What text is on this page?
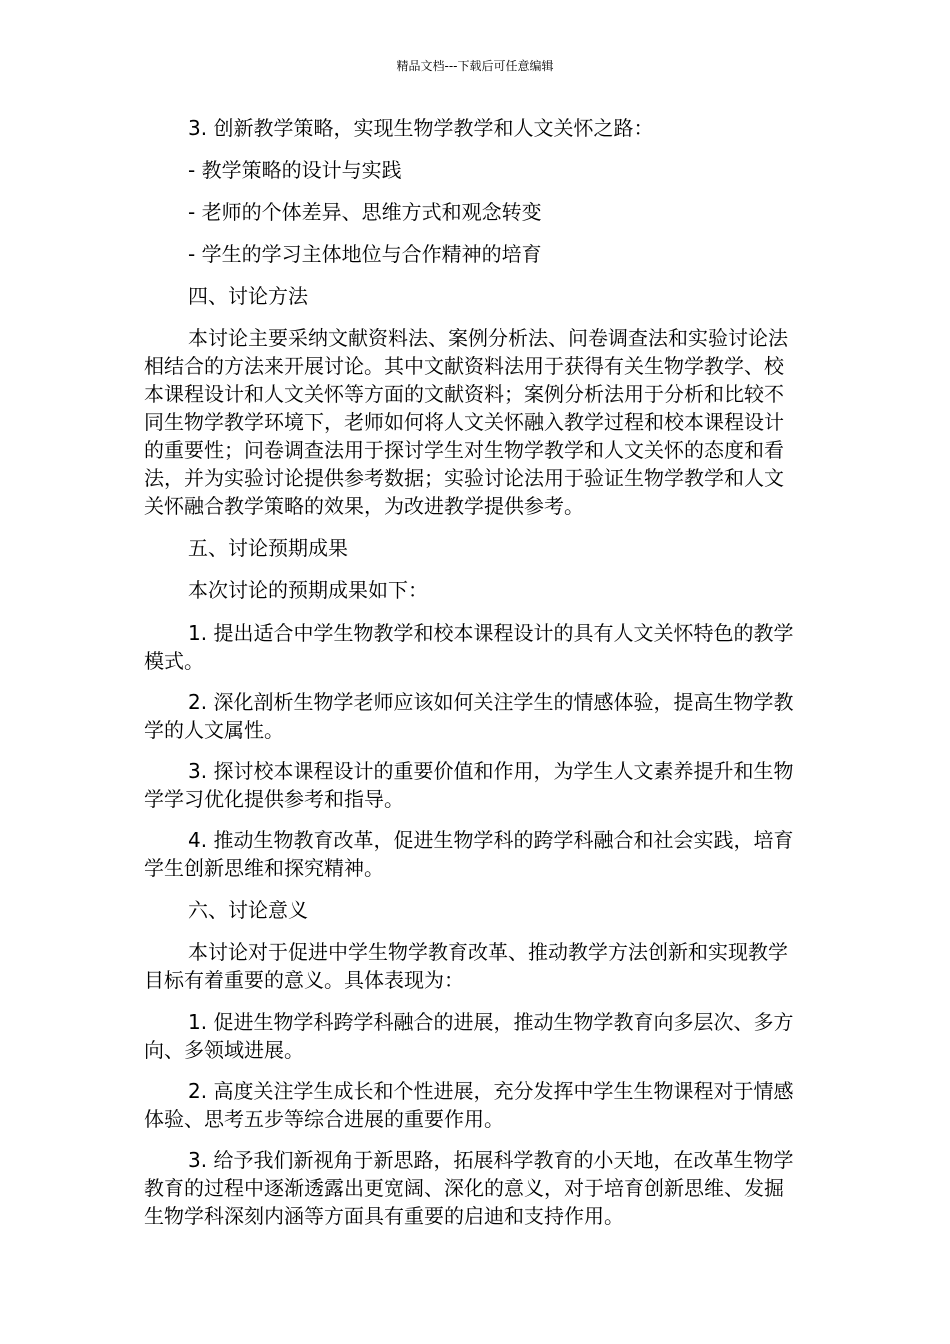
精品文档---下载后可任意编辑

3. 创新教学策略，实现生物学教学和人文关怀之路：

- 教学策略的设计与实践

- 老师的个体差异、思维方式和观念转变

- 学生的学习主体地位与合作精神的培育

四、讨论方法

本讨论主要采纳文献资料法、案例分析法、问卷调查法和实验讨论法相结合的方法来开展讨论。其中文献资料法用于获得有关生物学教学、校本课程设计和人文关怀等方面的文献资料；案例分析法用于分析和比较不同生物学教学环境下，老师如何将人文关怀融入教学过程和校本课程设计的重要性；问卷调查法用于探讨学生对生物学教学和人文关怀的态度和看法，并为实验讨论提供参考数据；实验讨论法用于验证生物学教学和人文关怀融合教学策略的效果，为改进教学提供参考。

五、讨论预期成果

本次讨论的预期成果如下：

1. 提出适合中学生物教学和校本课程设计的具有人文关怀特色的教学模式。

2. 深化剖析生物学老师应该如何关注学生的情感体验，提高生物学教学的人文属性。

3. 探讨校本课程设计的重要价值和作用，为学生人文素养提升和生物学学习优化提供参考和指导。

4. 推动生物教育改革，促进生物学科的跨学科融合和社会实践，培育学生创新思维和探究精神。

六、讨论意义

本讨论对于促进中学生物学教育改革、推动教学方法创新和实现教学目标有着重要的意义。具体表现为：

1. 促进生物学科跨学科融合的进展，推动生物学教育向多层次、多方向、多领域进展。

2. 高度关注学生成长和个性进展，充分发挥中学生生物课程对于情感体验、思考五步等综合进展的重要作用。

3. 给予我们新视角于新思路，拓展科学教育的小天地，在改革生物学教育的过程中逐渐透露出更宽阔、深化的意义，对于培育创新思维、发掘生物学科深刻内涵等方面具有重要的启迪和支持作用。
